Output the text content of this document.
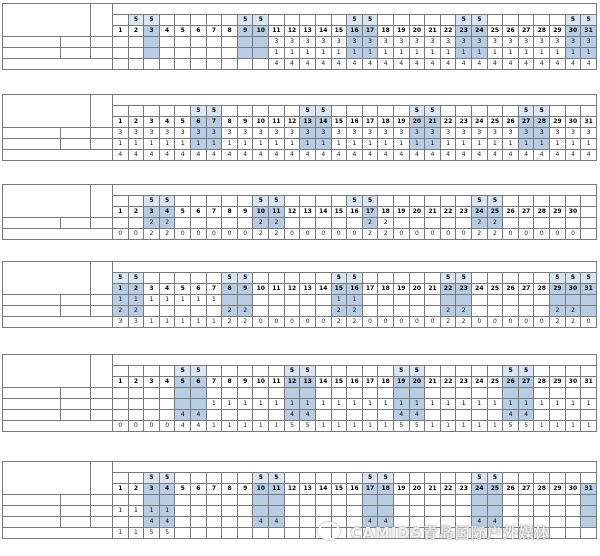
				5	5						5	5						5	5						5	5						5	5
			1	2	3	4	5	6	7	8	9	10	11	12	13	14	15	16	17	18	19	20	21	22	23	24	25	26	27	28	29	30	31
													3	3	3	3	3	3	3	3	3	3	3	3	3	3	3	3	3	3	3	3	3
													1	1	1	1	1	1	1	1	1	1	1	1	1	1	1	1	1	1	1	1	1
													4	4	4	4	4	4	4	4	4	4	4	4	4	4	4	4	4	4	4	4	4

								5	5						5	5						5	5						5	5			
			1	2	3	4	5	6	7	8	9	10	11	12	13	14	15	16	17	18	19	20	21	22	23	24	25	26	27	28	29	30	31
			3	3	3	3	3	3	3	3	3	3	3	3	3	3	3	3	3	3	3	3	3	3	3	3	3	3	3	3	3	3	3
			1	1	1	1	1	1	1	1	1	1	1	1	1	1	1	1	1	1	1	1	1	1	1	1	1	1	1	1	1	1	1
			4	4	4	4	4	4	4	4	4	4	4	4	4	4	4	4	4	4	4	4	4	4	4	4	4	4	4	4	4	4	4

					5	5						5	5					5	5							5	5						
			1	2	3	4	5	6	7	8	9	10	11	12	13	14	15	16	17	18	19	20	21	22	23	24	25	26	27	28	29	30	
					2	2						2	2						2	2						2	2						
			0	0	2	2	0	0	0	0	0	2	2	0	0	0	0	0	2	2	0	0	0	0	0	2	2	0	0	0	0	0	

			5	5						5	5						5	5						5	5						5	5	5
			1	2	3	4	5	6	7	8	9	10	11	12	13	14	15	16	17	18	19	20	21	22	23	24	25	26	27	28	29	30	31
			1	1	1	1	1	1	1								1	1															
			2	2						2	2						2	2						2	2						2	2	
			3	3	1	1	1	1	1	2	2	0	0	0	0	0	2	2	0	0	0	0	0	2	2	0	0	0	0	0	2	2	0

							5	5						5	5						5	5						5	5				
			1	2	3	4	5	6	7	8	9	10	11	12	13	14	15	16	17	18	19	20	21	22	23	24	25	26	27	28	29	30	31

									1	1	1	1	1	1	1	1	1	1	1	1	1	1	1	1	1	1	1	1	1	1	1	1	1
							4	4						4	4						4	4						4	4				
			0	0	0	0	4	4	1	1	1	1	1	5	5	1	1	1	1	1	5	5	1	1	1	1	1	5	5	1	1	1	1

					5	5						5	5						5	5						5	5						
			1	2	3	4	5	6	7	8	9	10	11	12	13	14	15	16	17	18	19	20	21	22	23	24	25	26	27	28	29	30	31

			1	1	1	1																											
					4	4						4	4						4	4						4	4						
			1	1	5	5																												CAMIDS青岛国际户外媒体
